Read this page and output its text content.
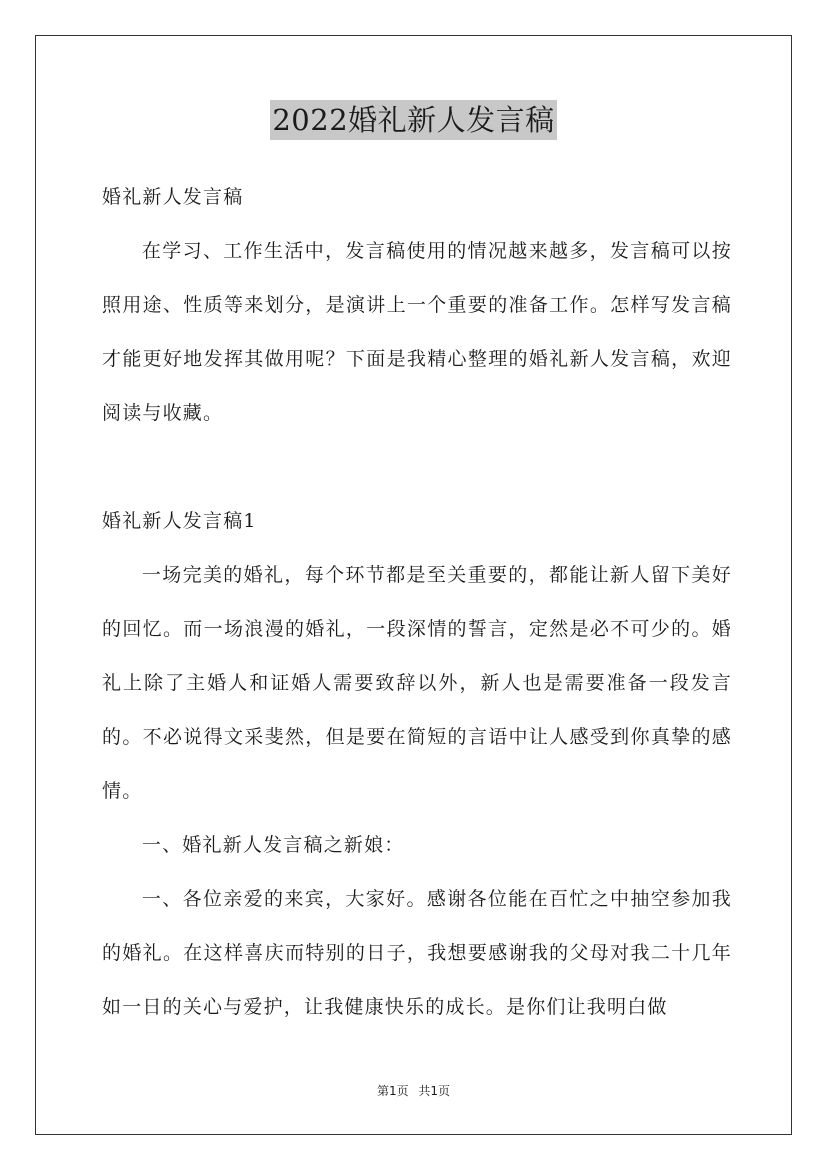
2022婚礼新人发言稿

婚礼新人发言稿

在学习、工作生活中，发言稿使用的情况越来越多，发言稿可以按照用途、性质等来划分，是演讲上一个重要的准备工作。怎样写发言稿才能更好地发挥其做用呢？下面是我精心整理的婚礼新人发言稿，欢迎阅读与收藏。

婚礼新人发言稿1

一场完美的婚礼，每个环节都是至关重要的，都能让新人留下美好的回忆。而一场浪漫的婚礼，一段深情的誓言，定然是必不可少的。婚礼上除了主婚人和证婚人需要致辞以外，新人也是需要准备一段发言的。不必说得文采斐然，但是要在简短的言语中让人感受到你真挚的感情。

一、婚礼新人发言稿之新娘：

一、各位亲爱的来宾，大家好。感谢各位能在百忙之中抽空参加我的婚礼。在这样喜庆而特别的日子，我想要感谢我的父母对我二十几年如一日的关心与爱护，让我健康快乐的成长。是你们让我明白做

第1页 共1页
